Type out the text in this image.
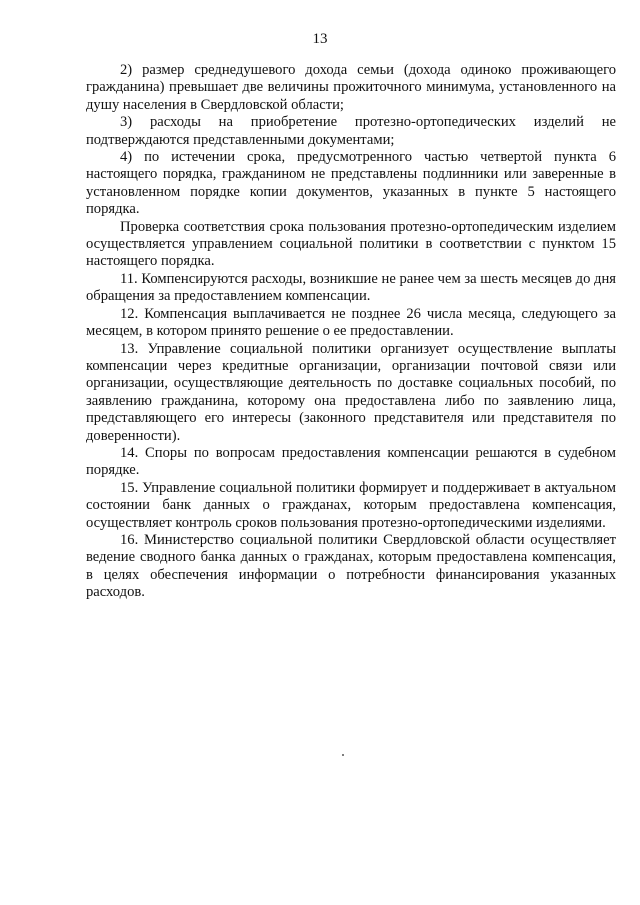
13

2) размер среднедушевого дохода семьи (дохода одиноко проживающего гражданина) превышает две величины прожиточного минимума, установленного на душу населения в Свердловской области;

3) расходы на приобретение протезно-ортопедических изделий не подтверждаются представленными документами;

4) по истечении срока, предусмотренного частью четвертой пункта 6 настоящего порядка, гражданином не представлены подлинники или заверенные в установленном порядке копии документов, указанных в пункте 5 настоящего порядка.

Проверка соответствия срока пользования протезно-ортопедическим изделием осуществляется управлением социальной политики в соответствии с пунктом 15 настоящего порядка.

11. Компенсируются расходы, возникшие не ранее чем за шесть месяцев до дня обращения за предоставлением компенсации.

12. Компенсация выплачивается не позднее 26 числа месяца, следующего за месяцем, в котором принято решение о ее предоставлении.

13. Управление социальной политики организует осуществление выплаты компенсации через кредитные организации, организации почтовой связи или организации, осуществляющие деятельность по доставке социальных пособий, по заявлению гражданина, которому она предоставлена либо по заявлению лица, представляющего его интересы (законного представителя или представителя по доверенности).

14. Споры по вопросам предоставления компенсации решаются в судебном порядке.

15. Управление социальной политики формирует и поддерживает в актуальном состоянии банк данных о гражданах, которым предоставлена компенсация, осуществляет контроль сроков пользования протезно-ортопедическими изделиями.

16. Министерство социальной политики Свердловской области осуществляет ведение сводного банка данных о гражданах, которым предоставлена компенсация, в целях обеспечения информации о потребности финансирования указанных расходов.
